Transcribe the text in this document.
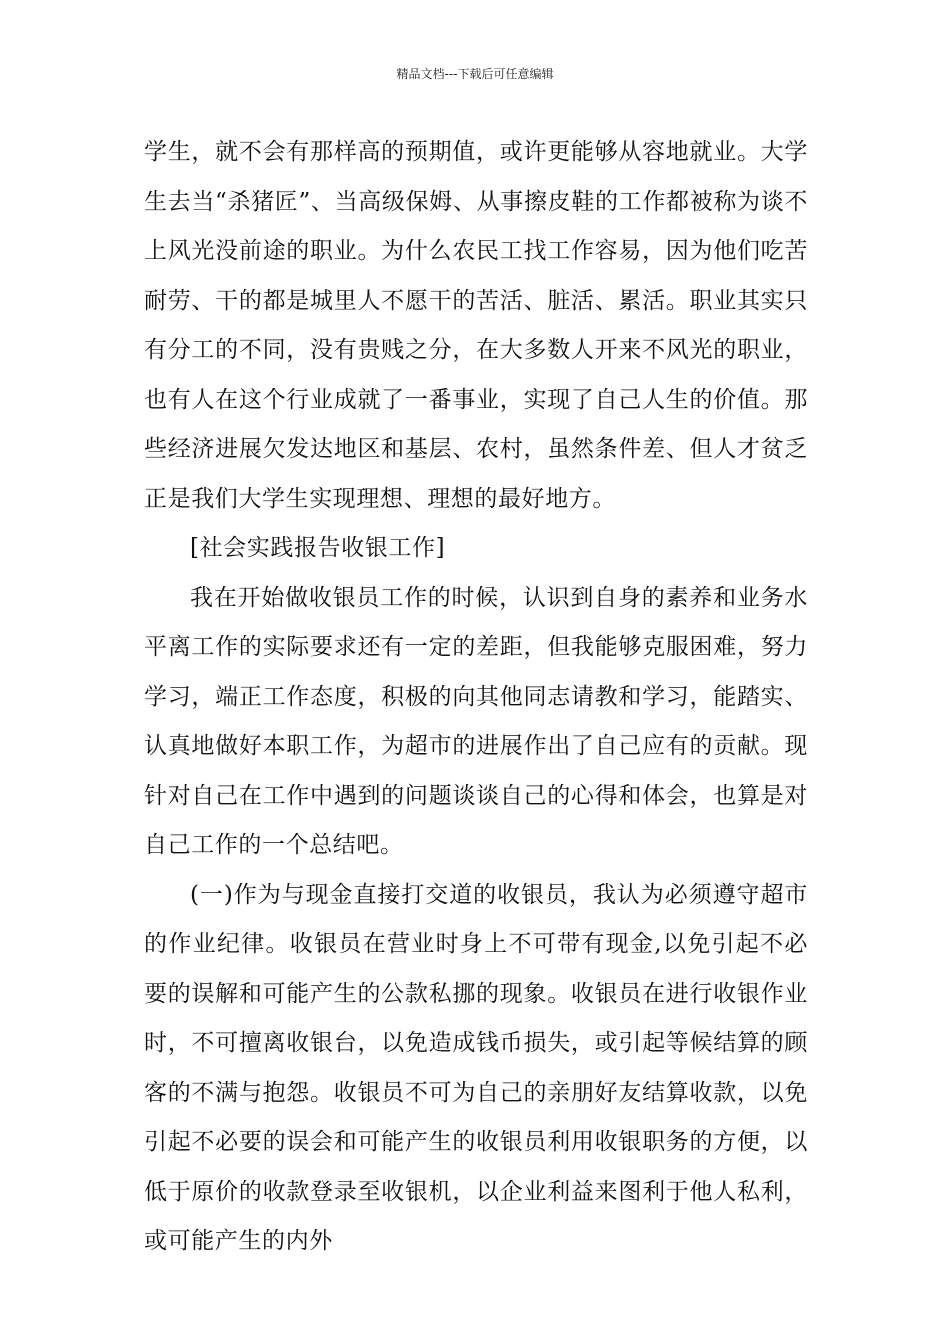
精品文档---下载后可任意编辑

学生，就不会有那样高的预期值，或许更能够从容地就业。大学生去当“杀猪匠”、当高级保姆、从事擦皮鞋的工作都被称为谈不上风光没前途的职业。为什么农民工找工作容易，因为他们吃苦耐劳、干的都是城里人不愿干的苦活、脏活、累活。职业其实只有分工的不同，没有贵贱之分，在大多数人开来不风光的职业，也有人在这个行业成就了一番事业，实现了自己人生的价值。那些经济进展欠发达地区和基层、农村，虽然条件差、但人才贫乏正是我们大学生实现理想、理想的最好地方。

[社会实践报告收银工作]

我在开始做收银员工作的时候，认识到自身的素养和业务水平离工作的实际要求还有一定的差距，但我能够克服困难，努力学习，端正工作态度，积极的向其他同志请教和学习，能踏实、认真地做好本职工作，为超市的进展作出了自己应有的贡献。现针对自己在工作中遇到的问题谈谈自己的心得和体会，也算是对自己工作的一个总结吧。

(一)作为与现金直接打交道的收银员，我认为必须遵守超市的作业纪律。收银员在营业时身上不可带有现金,以免引起不必要的误解和可能产生的公款私挪的现象。收银员在进行收银作业时，不可擅离收银台，以免造成钱币损失，或引起等候结算的顾客的不满与抱怨。收银员不可为自己的亲朋好友结算收款，以免引起不必要的误会和可能产生的收银员利用收银职务的方便，以低于原价的收款登录至收银机，以企业利益来图利于他人私利，或可能产生的内外
